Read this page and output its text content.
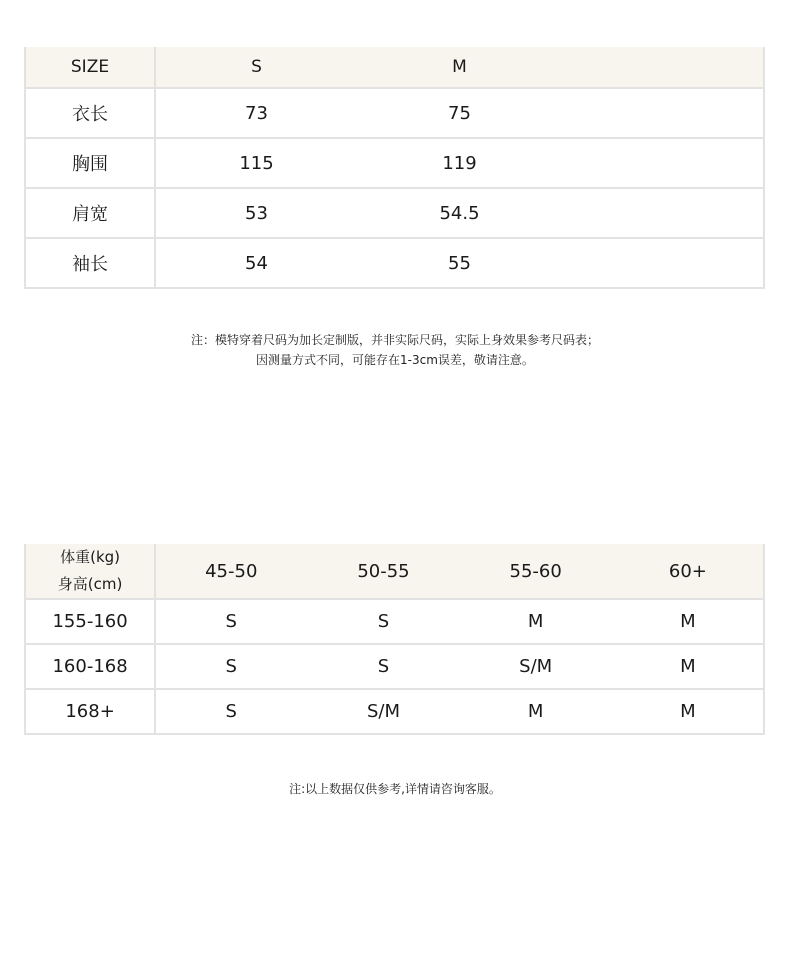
SIZE	S	M	
衣长	73	75	
胸围	115	119	
肩宽	53	54.5	
袖长	54	55	
注：模特穿着尺码为加长定制版，并非实际尺码，实际上身效果参考尺码表；
因测量方式不同，可能存在1-3cm误差，敬请注意。
体重(kg)
身高(cm)	45-50	50-55	55-60	60+
155-160	S	S	M	M
160-168	S	S	S/M	M
168+	S	S/M	M	M
注:以上数据仅供参考,详情请咨询客服。
